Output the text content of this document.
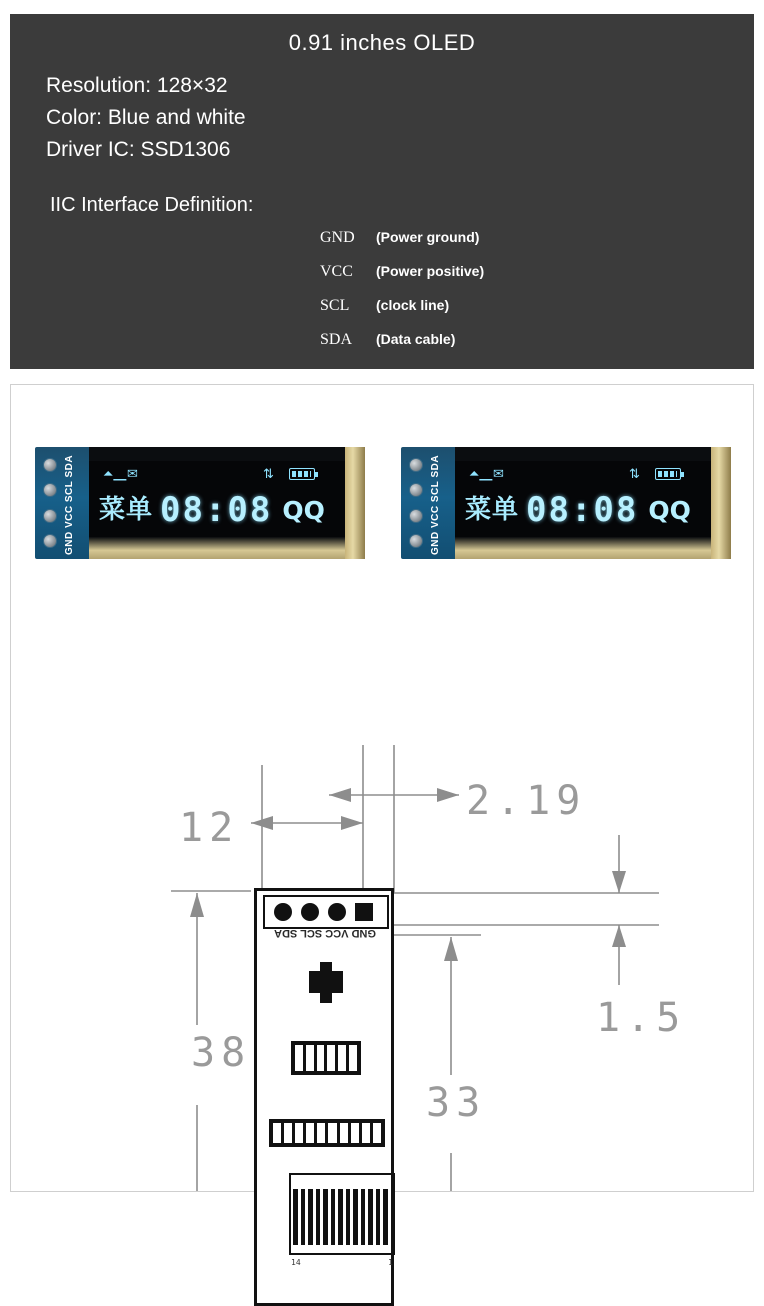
0.91 inches OLED
Resolution: 128×32
Color: Blue and white
Driver IC: SSD1306
IIC Interface Definition:
GND	(Power ground)
VCC	(Power positive)
SCL	(clock line)
SDA	(Data cable)
GND VCC SCL SDA	⏶▁ ✉	⇅
菜单 08:08 QQ	GND VCC SCL SDA	⏶▁ ✉	⇅
菜单 08:08 QQ
12
2.19
1.5
38
33
14	1
GND VCC SCL SDA
